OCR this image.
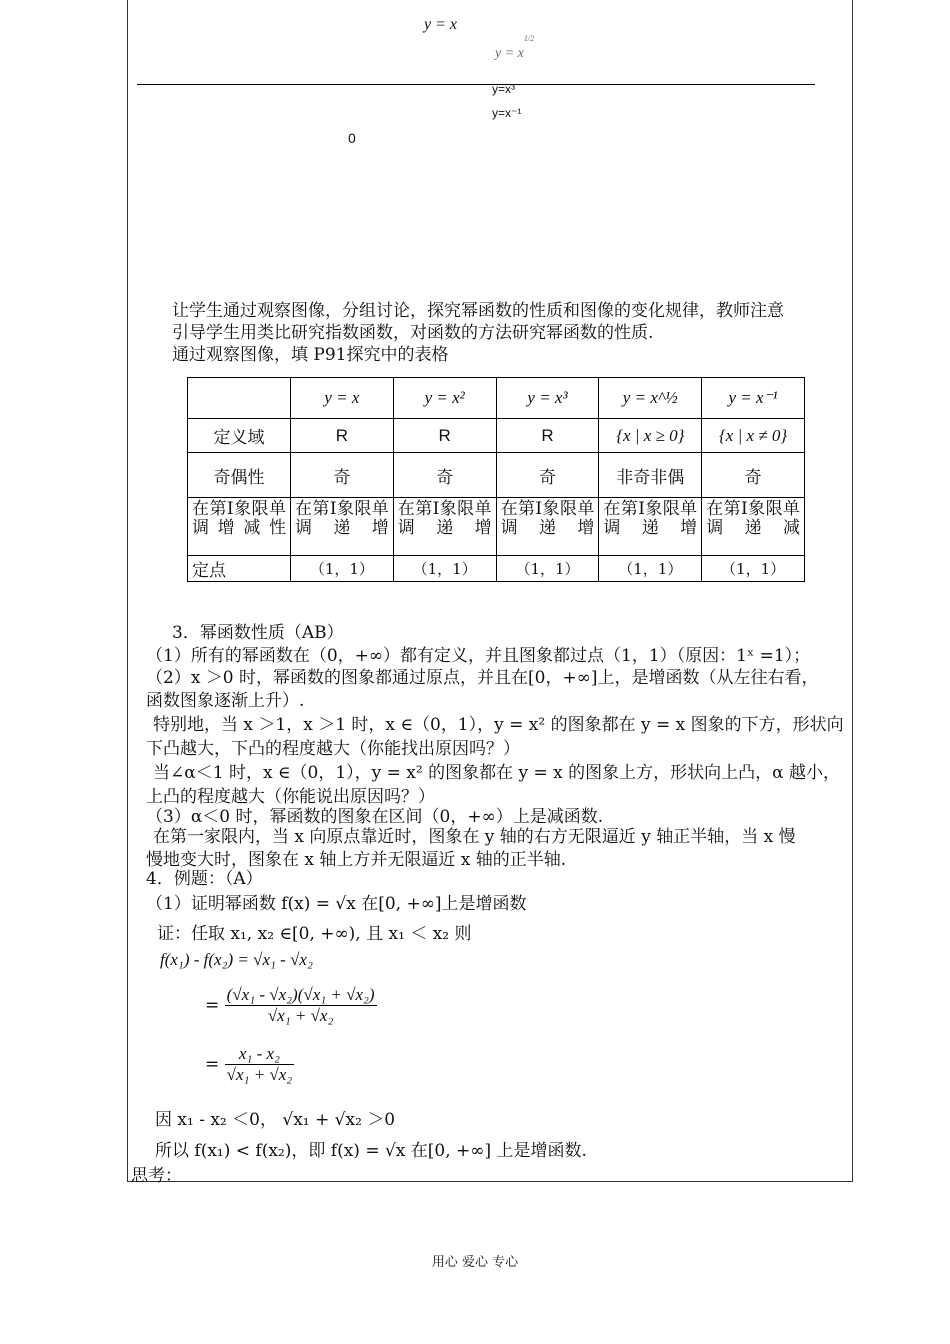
y = x
$y = x^{1/2}$
y=x³
y=x⁻¹
0
让学生通过观察图像，分组讨论，探究幂函数的性质和图像的变化规律，教师注意
引导学生用类比研究指数函数，对函数的方法研究幂函数的性质.
通过观察图像，填 P91探究中的表格
	y = x	y = x²	y = x³	y = x^½	y = x⁻¹
定义域	R	R	R	{x | x ≥ 0}	{x | x ≠ 0}
奇偶性	奇	奇	奇	非奇非偶	奇
在第Ⅰ象限单调增减性	在第Ⅰ象限单调递增	在第Ⅰ象限单调递增	在第Ⅰ象限单调递增	在第Ⅰ象限单调递增	在第Ⅰ象限单调递减
定点	（1，1）	（1，1）	（1，1）	（1，1）	（1，1）
3．幂函数性质（AB）
（1）所有的幂函数在（0，+∞）都有定义，并且图象都过点（1，1）（原因：1ˣ =1）；
（2）x ＞0 时，幂函数的图象都通过原点，并且在[0，+∞]上，是增函数（从左往右看，
函数图象逐渐上升）.
特别地，当 x ＞1，x ＞1 时，x ∈（0，1），y = x² 的图象都在 y = x 图象的下方，形状向
下凸越大，下凸的程度越大（你能找出原因吗？）
当∠α＜1 时，x ∈（0，1），y = x² 的图象都在 y = x 的图象上方，形状向上凸，α 越小，
上凸的程度越大（你能说出原因吗？）
（3）α＜0 时，幂函数的图象在区间（0，+∞）上是减函数.
在第一家限内，当 x 向原点靠近时，图象在 y 轴的右方无限逼近 y 轴正半轴，当 x 慢
慢地变大时，图象在 x 轴上方并无限逼近 x 轴的正半轴.
4．例题：（A）
（1）证明幂函数 f(x) = √x 在[0, +∞]上是增函数
证：任取 x₁, x₂ ∈[0, +∞), 且 x₁ ＜ x₂ 则
f(x₁) - f(x₂) = √x₁ - √x₂
= $\frac{\text{(√x₁ - √x₂)(√x₁ + √x₂)}}{\text{√x₁ + √x₂}}$
= $\frac{\text{x₁ - x₂}}{\text{√x₁ + √x₂}}$
因 x₁ - x₂ ＜0， √x₁ + √x₂ ＞0
所以 f(x₁) < f(x₂)，即 f(x) = √x 在[0, +∞] 上是增函数.
思考：
用心 爱心 专心
